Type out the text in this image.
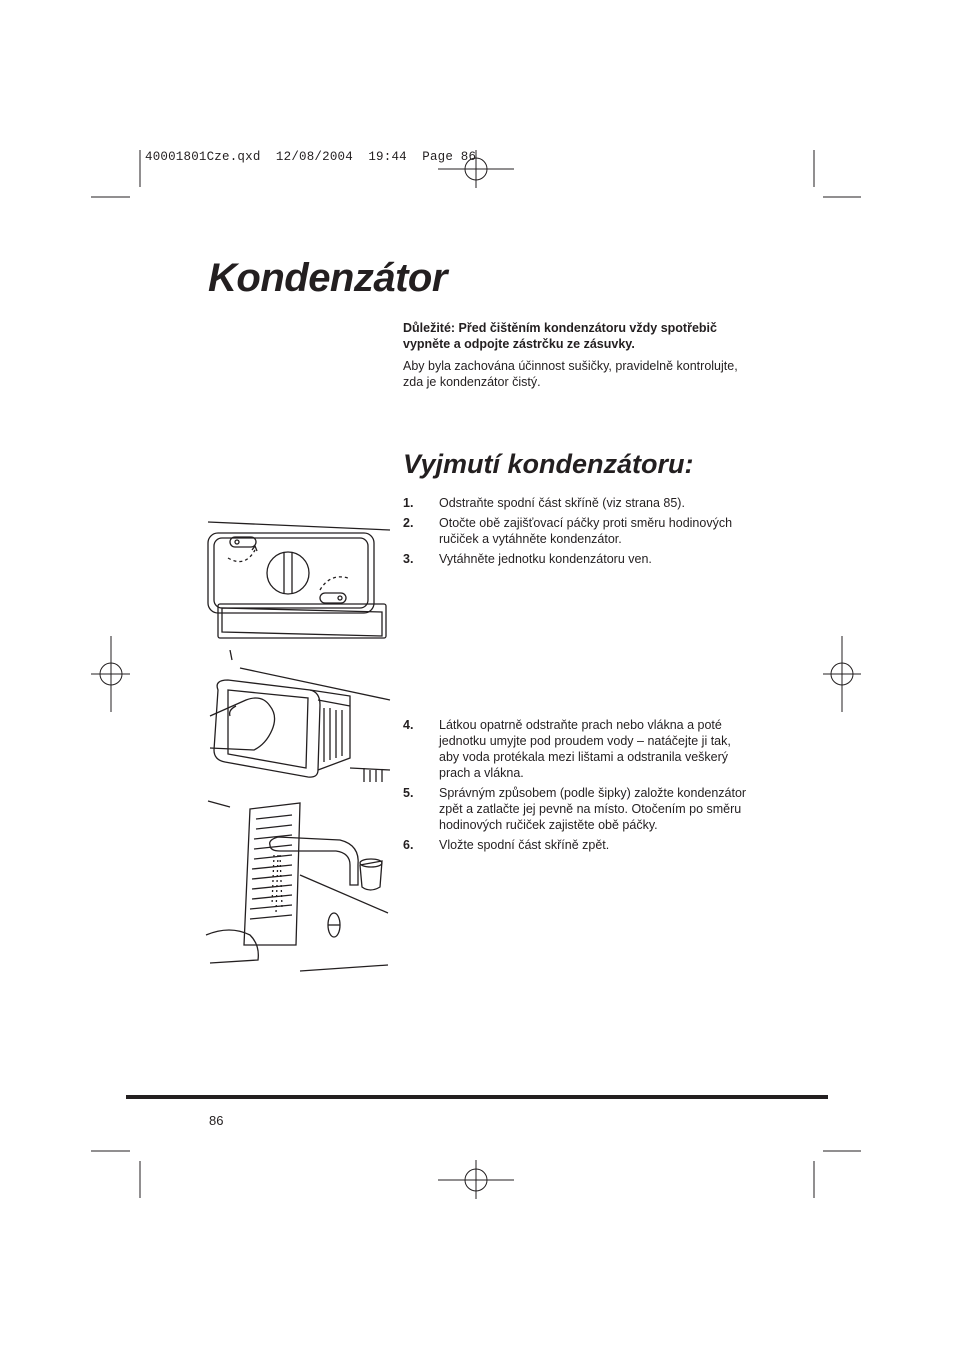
40001801Cze.qxd  12/08/2004  19:44  Page 86
Kondenzátor

Důležité: Před čištěním kondenzátoru vždy spotřebič vypněte a odpojte zástrčku ze zásuvky.

Aby byla zachována účinnost sušičky, pravidelně kontrolujte, zda je kondenzátor čistý.

Vyjmutí kondenzátoru:
1. Odstraňte spodní část skříně (viz strana 85).
2. Otočte obě zajišťovací páčky proti směru hodinových ručiček a vytáhněte kondenzátor.
3. Vytáhněte jednotku kondenzátoru ven.
4. Látkou opatrně odstraňte prach nebo vlákna a poté jednotku umyjte pod proudem vody – natáčejte ji tak, aby voda protékala mezi lištami a odstranila veškerý prach a vlákna.
5. Správným způsobem (podle šipky) založte kondenzátor zpět a zatlačte jej pevně na místo. Otočením po směru hodinových ručiček zajistěte obě páčky.
6. Vložte spodní část skříně zpět.
86
